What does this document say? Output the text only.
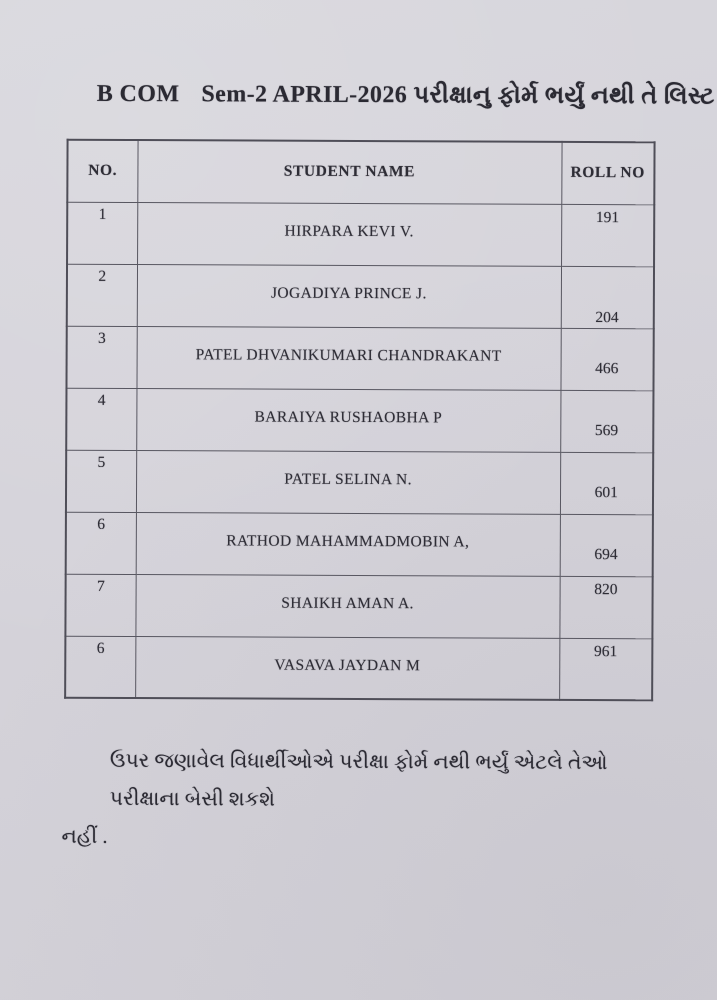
B COM Sem-2 APRIL-2026 પરીક્ષાનુ ફોર્મ ભર્યું નથી તે લિસ્ટ
NO.	STUDENT NAME	ROLL NO

1	HIRPARA KEVI V.	191

2	JOGADIYA PRINCE J.	204

3	PATEL DHVANIKUMARI CHANDRAKANT	466

4	BARAIYA RUSHAOBHA P	569

5	PATEL SELINA N.	601

6	RATHOD MAHAMMADMOBIN A,	694

7	SHAIKH AMAN A.	820

6	VASAVA JAYDAN M	961
ઉપર જણાવેલ વિધાર્થીઓએ પરીક્ષા ફોર્મ નથી ભર્યું એટલે તેઓ પરીક્ષાના બેસી શકશે
નહીં .
